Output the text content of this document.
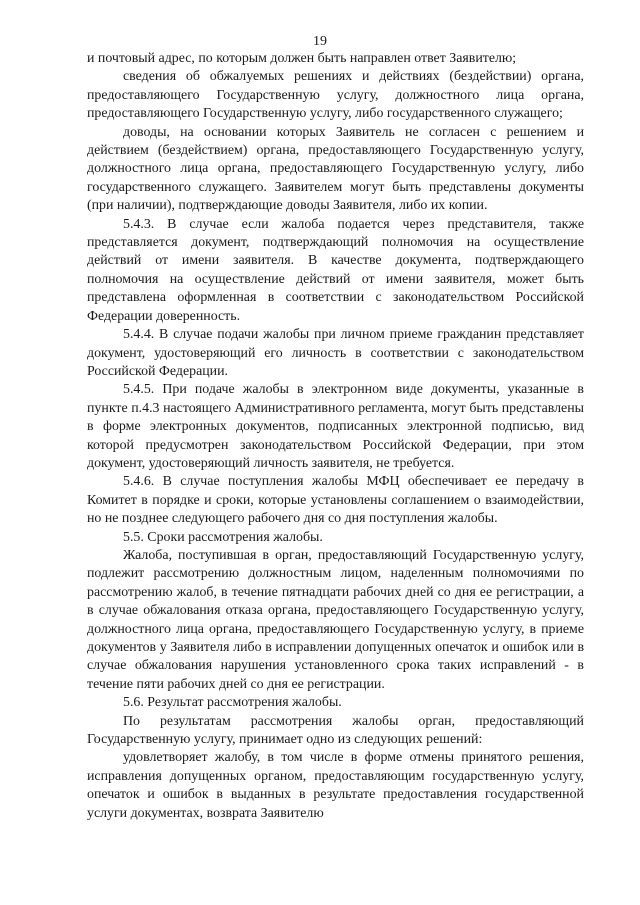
19

и почтовый адрес, по которым должен быть направлен ответ Заявителю;

сведения об обжалуемых решениях и действиях (бездействии) органа, предоставляющего Государственную услугу, должностного лица органа, предоставляющего Государственную услугу, либо государственного служащего;

доводы, на основании которых Заявитель не согласен с решением и действием (бездействием) органа, предоставляющего Государственную услугу, должностного лица органа, предоставляющего Государственную услугу, либо государственного служащего. Заявителем могут быть представлены документы (при наличии), подтверждающие доводы Заявителя, либо их копии.

5.4.3. В случае если жалоба подается через представителя, также представляется документ, подтверждающий полномочия на осуществление действий от имени заявителя. В качестве документа, подтверждающего полномочия на осуществление действий от имени заявителя, может быть представлена оформленная в соответствии с законодательством Российской Федерации доверенность.

5.4.4. В случае подачи жалобы при личном приеме гражданин представляет документ, удостоверяющий его личность в соответствии с законодательством Российской Федерации.

5.4.5. При подаче жалобы в электронном виде документы, указанные в пункте п.4.3 настоящего Административного регламента, могут быть представлены в форме электронных документов, подписанных электронной подписью, вид которой предусмотрен законодательством Российской Федерации, при этом документ, удостоверяющий личность заявителя, не требуется.

5.4.6. В случае поступления жалобы МФЦ обеспечивает ее передачу в Комитет в порядке и сроки, которые установлены соглашением о взаимодействии, но не позднее следующего рабочего дня со дня поступления жалобы.

5.5. Сроки рассмотрения жалобы.

Жалоба, поступившая в орган, предоставляющий Государственную услугу, подлежит рассмотрению должностным лицом, наделенным полномочиями по рассмотрению жалоб, в течение пятнадцати рабочих дней со дня ее регистрации, а в случае обжалования отказа органа, предоставляющего Государственную услугу, должностного лица органа, предоставляющего Государственную услугу, в приеме документов у Заявителя либо в исправлении допущенных опечаток и ошибок или в случае обжалования нарушения установленного срока таких исправлений - в течение пяти рабочих дней со дня ее регистрации.

5.6. Результат рассмотрения жалобы.

По результатам рассмотрения жалобы орган, предоставляющий Государственную услугу, принимает одно из следующих решений:

удовлетворяет жалобу, в том числе в форме отмены принятого решения, исправления допущенных органом, предоставляющим государственную услугу, опечаток и ошибок в выданных в результате предоставления государственной услуги документах, возврата Заявителю
